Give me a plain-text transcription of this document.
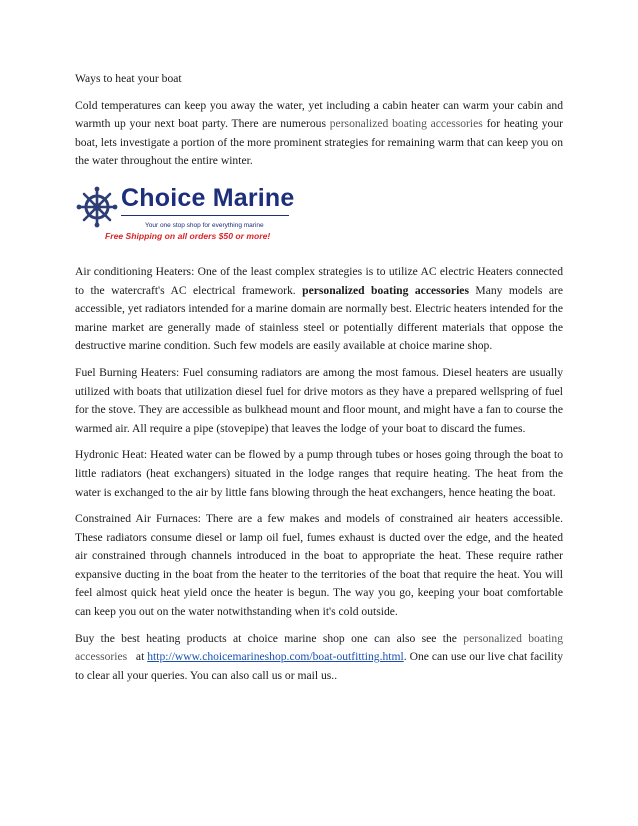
Ways to heat your boat

Cold temperatures can keep you away the water, yet including a cabin heater can warm your cabin and warmth up your next boat party. There are numerous personalized boating accessories for heating your boat, lets investigate a portion of the more prominent strategies for remaining warm that can keep you on the water throughout the entire winter.

Choice Marine
Your one stop shop for everything marine
Free Shipping on all orders $50 or more!

Air conditioning Heaters: One of the least complex strategies is to utilize AC electric Heaters connected to the watercraft's AC electrical framework. personalized boating accessories Many models are accessible, yet radiators intended for a marine domain are normally best. Electric heaters intended for the marine market are generally made of stainless steel or potentially different materials that oppose the destructive marine condition. Such few models are easily available at choice marine shop.

Fuel Burning Heaters: Fuel consuming radiators are among the most famous. Diesel heaters are usually utilized with boats that utilization diesel fuel for drive motors as they have a prepared wellspring of fuel for the stove. They are accessible as bulkhead mount and floor mount, and might have a fan to course the warmed air. All require a pipe (stovepipe) that leaves the lodge of your boat to discard the fumes.

Hydronic Heat: Heated water can be flowed by a pump through tubes or hoses going through the boat to little radiators (heat exchangers) situated in the lodge ranges that require heating. The heat from the water is exchanged to the air by little fans blowing through the heat exchangers, hence heating the boat.

Constrained Air Furnaces: There are a few makes and models of constrained air heaters accessible. These radiators consume diesel or lamp oil fuel, fumes exhaust is ducted over the edge, and the heated air constrained through channels introduced in the boat to appropriate the heat. These require rather expansive ducting in the boat from the heater to the territories of the boat that require the heat. You will feel almost quick heat yield once the heater is begun. The way you go, keeping your boat comfortable can keep you out on the water notwithstanding when it's cold outside.

Buy the best heating products at choice marine shop one can also see the personalized boating accessories   at http://www.choicemarineshop.com/boat-outfitting.html. One can use our live chat facility to clear all your queries. You can also call us or mail us..
